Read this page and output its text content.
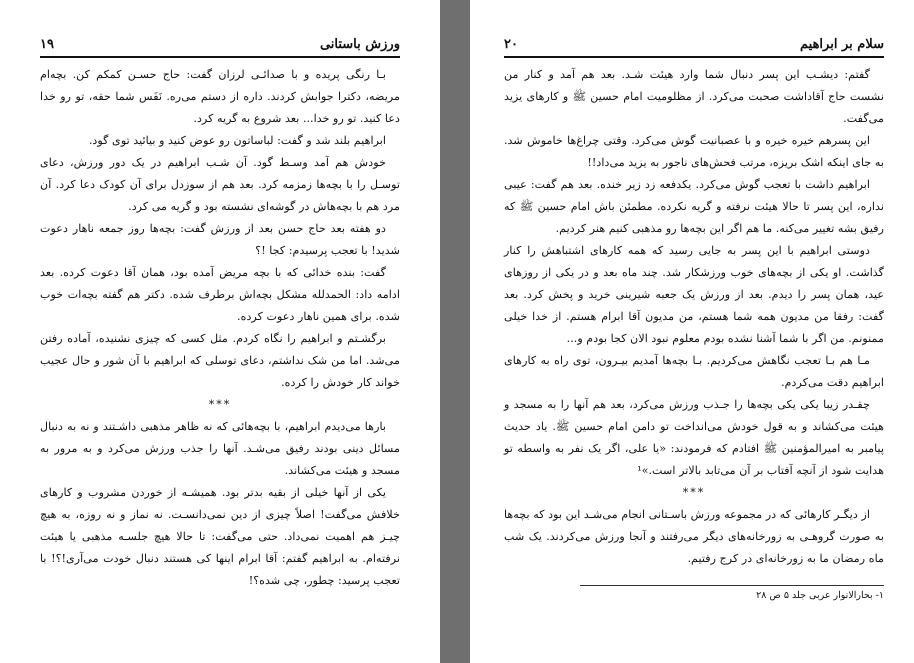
ورزش باستانی
۱۹

بـا رنگی پریده و با صدائـی لرزان گفت: حاج حسـن کمکم کن. بچه‌ام مریضه، دکترا جوابش کردند. داره از دستم می‌ره. نَفَس شما حقه، تو رو خدا دعا کنید. تو رو خدا... بعد شروع به گریه کرد.

ابراهیم بلند شد و گفت: لباساتون رو عوض کنید و بیائید توی گود.

خودش هم آمد وسـط گود. آن شـب ابراهیم در یک دور ورزش، دعای توسـل را با بچه‌ها زمزمه کرد. بعد هم از سوزدل برای آن کودک دعا کرد. آن مرد هم با بچه‌هاش در گوشه‌ای نشسته بود و گریه می کرد.

دو هفته بعد حاج حسن بعد از ورزش گفت: بچه‌ها روز جمعه ناهار دعوت شدید! با تعجب پرسیدم: کجا !؟

گفت: بنده خدائی که با بچه مریض آمده بود، همان آقا دعوت کرده. بعد ادامه داد: الحمدلله مشکل بچه‌اش برطرف شده. دکتر هم گفته بچه‌ات خوب شده. برای همین ناهار دعوت کرده.

برگشـتم و ابراهیم را نگاه کردم. مثل کسی که چیزی نشنیده، آماده رفتن می‌شد. اما من شک نداشتم، دعای توسلی که ابراهیم با آن شور و حال عجیب خواند کار خودش را کرده.

***

بارها می‌دیدم ابراهیم، با بچه‌هائی که نه ظاهر مذهبی داشـتند و نه به دنبال مسائل دینی بودند رفیق می‌شـد. آنها را جذب ورزش می‌کرد و به مرور به مسجد و هیئت می‌کشاند.

یکی از آنها خیلی از بقیه بدتر بود. همیشـه از خوردن مشروب و کارهای خلافش می‌گفت! اصلاً چیزی از دین نمی‌دانسـت. نه نماز و نه روزه، به هیچ چیـز هم اهمیت نمی‌داد. حتی می‌گفت: تا حالا هیچ جلسـه مذهبی یا هیئت نرفته‌ام. به ابراهیم گفتم: آقا ابرام اینها کی هستند دنبال خودت می‌آری!؟! با تعجب پرسید: چطور، چی شده؟!

سلام بر ابراهیم
۲۰

گفتم: دیشـب این پسر دنبال شما وارد هیئت شـد. بعد هم آمد و کنار من نشست حاج آقاداشت صحبت می‌کرد. از مظلومیت امام حسین ﷺ و کارهای یزید می‌گفت.

این پسرهم خیره خیره و با عصبانیت گوش می‌کرد. وقتی چراغ‌ها خاموش شد. به جای اینکه اشک بریزه، مرتب فحش‌های ناجور به یزید می‌داد!!

ابراهیم داشت با تعجب گوش می‌کرد. یکدفعه زد زیر خنده. بعد هم گفت: عیبی نداره، این پسر تا حالا هیئت نرفته و گریه نکرده. مطمئن باش امام حسین ﷺ که رفیق بشه تغییر می‌کنه. ما هم اگر این بچه‌ها رو مذهبی کنیم هنر کردیم.

دوستی ابراهیم با این پسر به جایی رسید که همه کارهای اشتباهش را کنار گذاشت. او یکی از بچه‌های خوب ورزشکار شد. چند ماه بعد و در یکی از روزهای عید، همان پسر را دیدم. بعد از ورزش یک جعبه شیرینی خرید و پخش کرد. بعد گفت: رفقا من مدیون همه شما هستم، من مدیون آقا ابرام هستم. از خدا خیلی ممنونم. من اگر با شما آشنا نشده بودم معلوم نبود الان کجا بودم و...

مـا هم بـا تعجب نگاهش می‌کردیم. بـا بچه‌ها آمدیم بیـرون، توی راه به کارهای ابراهیم دقت می‌کردم.

چقـدر زیبا یکی یکی بچه‌ها را جـذب ورزش می‌کرد، بعد هم آنها را به مسجد و هیئت می‌کشاند و به قول خودش می‌انداخت تو دامن امام حسین ﷺ. یاد حدیث پیامبر به امیرالمؤمنین ﷺ افتادم که فرمودند: «یا علی، اگر یک نفر به واسطه تو هدایت شود از آنچه آفتاب بر آن می‌تابد بالاتر است.»¹

***

از دیگـر کارهائی که در مجموعه ورزش باسـتانی انجام می‌شـد این بود که بچه‌ها به صورت گروهـی به زورخانه‌های دیگر می‌رفتند و آنجا ورزش می‌کردند. یک شب ماه رمضان ما به زورخانه‌ای در کرج رفتیم.

۱- بحارالانوار عربی جلد ۵ ص ۲۸
